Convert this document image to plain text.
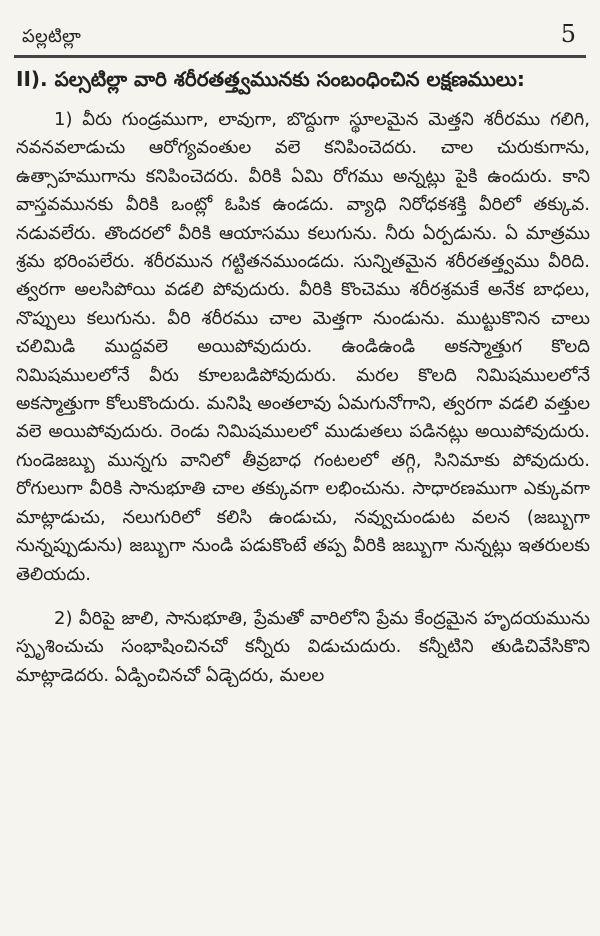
పల్లటిల్లా	5
II). పల్సటిల్లా వారి శరీరతత్త్వమునకు సంబంధించిన లక్షణములు:

1) వీరు గుండ్రముగా, లావుగా, బొద్దుగా స్థూలమైన మెత్తని శరీరము గలిగి, నవనవలాడుచు ఆరోగ్యవంతుల వలె కనిపించెదరు. చాల చురుకుగాను, ఉత్సాహముగాను కనిపించెదరు. వీరికి ఏమి రోగము అన్నట్లు పైకి ఉందురు. కాని వాస్తవమునకు వీరికి ఒంట్లో ఓపిక ఉండదు. వ్యాధి నిరోధకశక్తి వీరిలో తక్కువ. నడువలేరు. తొందరలో వీరికి ఆయాసము కలుగును. నీరు ఏర్పడును. ఏ మాత్రము శ్రమ భరింపలేరు. శరీరమున గట్టితనముండదు. సున్నితమైన శరీరతత్త్వము వీరిది. త్వరగా అలసిపోయి వడలి పోవుదురు. వీరికి కొంచెము శరీరశ్రమకే అనేక బాధలు, నొప్పులు కలుగును. వీరి శరీరము చాల మెత్తగా నుండును. ముట్టుకొనిన చాలు చలిమిడి ముద్దవలె అయిపోవుదురు. ఉండిఉండి అకస్మాత్తుగ కొలది నిమిషములలోనే వీరు కూలబడిపోవుదురు. మరల కొలది నిమిషములలోనే అకస్మాత్తుగా కోలుకొందురు. మనిషి అంతలావు ఏమగునోగాని, త్వరగా వడలి వత్తుల వలె అయిపోవుదురు. రెండు నిమిషములలో ముడుతలు పడినట్లు అయిపోవుదురు. గుండెజబ్బు మున్నగు వానిలో తీవ్రబాధ గంటలలో తగ్గి, సినిమాకు పోవుదురు. రోగులుగా వీరికి సానుభూతి చాల తక్కువగా లభించును. సాధారణముగా ఎక్కువగా మాట్లాడుచు, నలుగురిలో కలిసి ఉండుచు, నవ్వుచుండుట వలన (జబ్బుగా నున్నప్పుడును) జబ్బుగా నుండి పడుకొంటే తప్ప వీరికి జబ్బుగా నున్నట్లు ఇతరులకు తెలియదు.

2) వీరిపై జాలి, సానుభూతి, ప్రేమతో వారిలోని ప్రేమ కేంద్రమైన హృదయమును స్పృశించుచు సంభాషించినచో కన్నీరు విడుచుదురు. కన్నీటిని తుడిచివేసికొని మాట్లాడెదరు. ఏడ్పించినచో ఏడ్చెదరు, మలల
